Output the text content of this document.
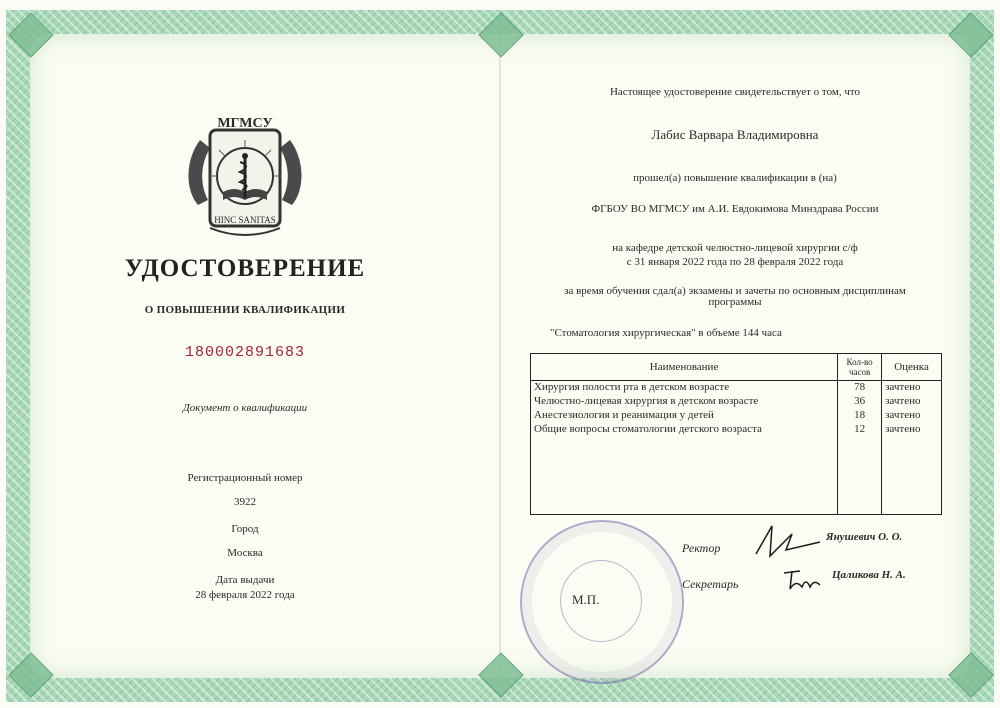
МГМСУ
HINC SANITAS
УДОСТОВЕРЕНИЕ
О ПОВЫШЕНИИ КВАЛИФИКАЦИИ
180002891683
Документ о квалификации
Регистрационный номер
3922
Город
Москва
Дата выдачи
28 февраля 2022 года
Настоящее удостоверение свидетельствует о том, что
Лабис Варвара Владимировна
прошел(а) повышение квалификации в (на)
ФГБОУ ВО МГМСУ им А.И. Евдокимова Минздрава России
на кафедре детской челюстно-лицевой хирургии с/ф
с 31 января 2022 года по 28 февраля 2022 года
за время обучения сдал(а) экзамены и зачеты по основным дисциплинам
программы
"Стоматология хирургическая" в объеме 144 часа
Наименование	Кол-во часов	Оценка
Хирургия полости рта в детском возрасте	78	зачтено
Челюстно-лицевая хирургия в детском возрасте	36	зачтено
Анестезиология и реанимация у детей	18	зачтено
Общие вопросы стоматологии детского возраста	12	зачтено

М.П.
Ректор
Янушевич О. О.
Секретарь
Цаликова Н. А.
